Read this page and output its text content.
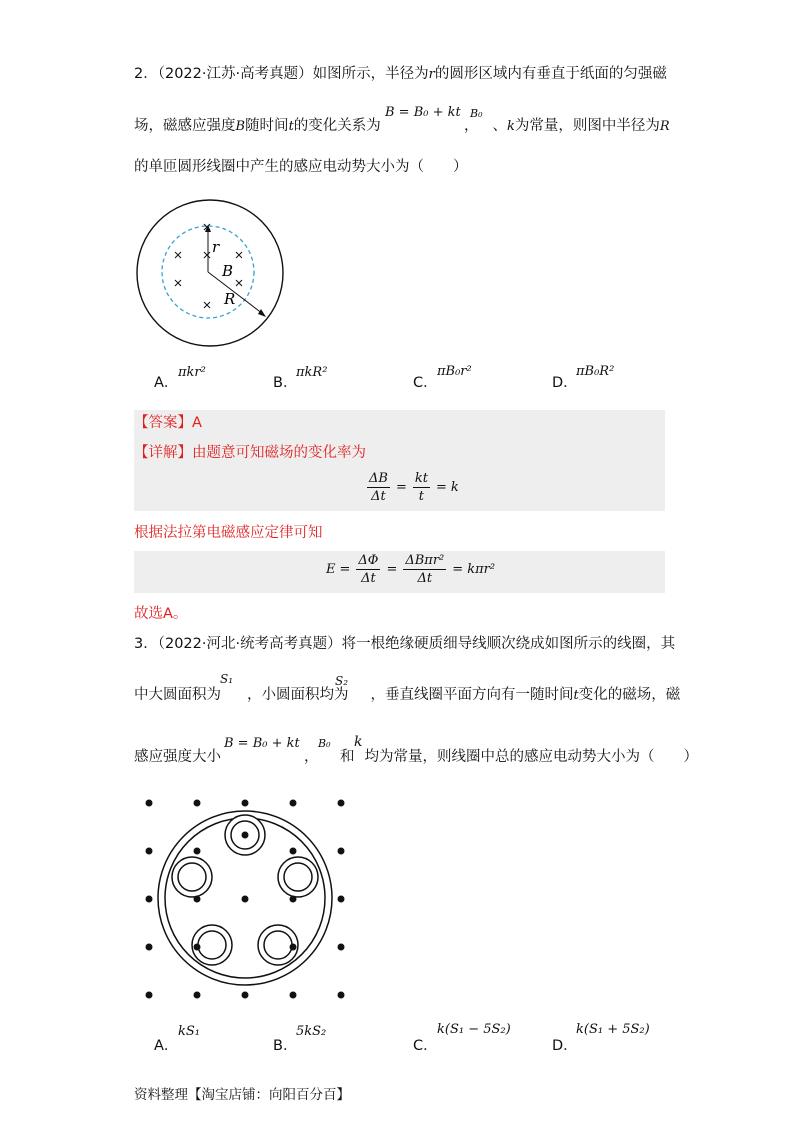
2．（2022·江苏·高考真题）如图所示，半径为r的圆形区域内有垂直于纸面的匀强磁
B = B₀ + kt B₀
场，磁感应强度B随时间t的变化关系为	， 、k为常量，则图中半径为R
的单匝圆形线圈中产生的感应电动势大小为（　　）
r
B
R
A．
πkr²
B．
πkR²
C．
πB₀r²
D．
πB₀R²
【答案】A
【详解】由题意可知磁场的变化率为
$\frac{\Delta B}{\Delta t} = \frac{kt}{t} = k$
根据法拉第电磁感应定律可知
$E = \frac{\Delta\Phi}{\Delta t} = \frac{\text{ΔBπr²}}{\Delta t} = k\pi r^2$
故选A。
3．（2022·河北·统考高考真题）将一根绝缘硬质细导线顺次绕成如图所示的线圈，其
S₁	S₂
中大圆面积为 ，小圆面积均为 ，垂直线圈平面方向有一随时间t变化的磁场，磁
B = B₀ + kt B₀ k
感应强度大小	， 和 均为常量，则线圈中总的感应电动势大小为（　　）
A．
kS₁
B．
5kS₂
C．
k(S₁ − 5S₂)
D．
k(S₁ + 5S₂)
资料整理【淘宝店铺：向阳百分百】
